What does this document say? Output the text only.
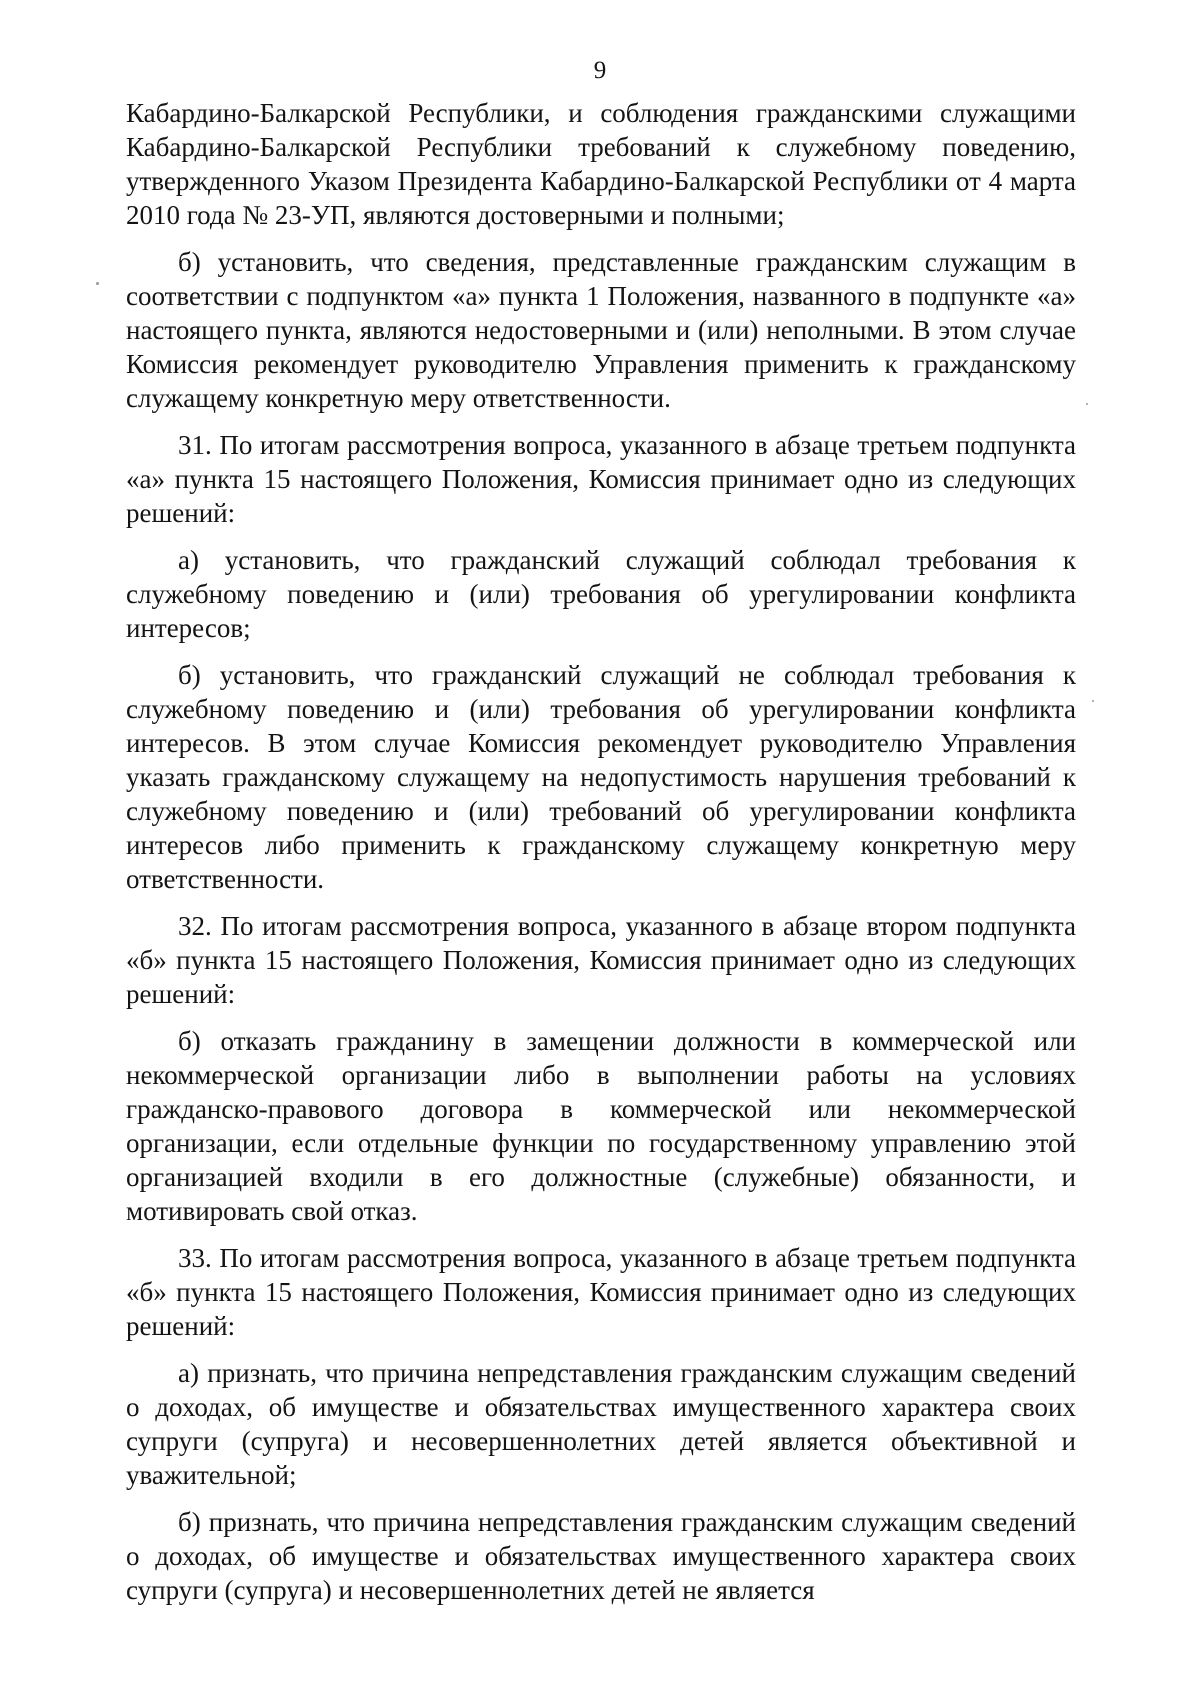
9

Кабардино-Балкарской Республики, и соблюдения гражданскими служащими Кабардино-Балкарской Республики требований к служебному поведению, утвержденного Указом Президента Кабардино-Балкарской Республики от 4 марта 2010 года № 23-УП, являются достоверными и полными;

б) установить, что сведения, представленные гражданским служащим в соответствии с подпунктом «а» пункта 1 Положения, названного в подпункте «а» настоящего пункта, являются недостоверными и (или) неполными. В этом случае Комиссия рекомендует руководителю Управления применить к гражданскому служащему конкретную меру ответственности.

31. По итогам рассмотрения вопроса, указанного в абзаце третьем подпункта «а» пункта 15 настоящего Положения, Комиссия принимает одно из следующих решений:

а) установить, что гражданский служащий соблюдал требования к служебному поведению и (или) требования об урегулировании конфликта интересов;

б) установить, что гражданский служащий не соблюдал требования к служебному поведению и (или) требования об урегулировании конфликта интересов. В этом случае Комиссия рекомендует руководителю Управления указать гражданскому служащему на недопустимость нарушения требований к служебному поведению и (или) требований об урегулировании конфликта интересов либо применить к гражданскому служащему конкретную меру ответственности.

32. По итогам рассмотрения вопроса, указанного в абзаце втором подпункта «б» пункта 15 настоящего Положения, Комиссия принимает одно из следующих решений:

б) отказать гражданину в замещении должности в коммерческой или некоммерческой организации либо в выполнении работы на условиях гражданско-правового договора в коммерческой или некоммерческой организации, если отдельные функции по государственному управлению этой организацией входили в его должностные (служебные) обязанности, и мотивировать свой отказ.

33. По итогам рассмотрения вопроса, указанного в абзаце третьем подпункта «б» пункта 15 настоящего Положения, Комиссия принимает одно из следующих решений:

а) признать, что причина непредставления гражданским служащим сведений о доходах, об имуществе и обязательствах имущественного характера своих супруги (супруга) и несовершеннолетних детей является объективной и уважительной;

б) признать, что причина непредставления гражданским служащим сведений о доходах, об имуществе и обязательствах имущественного характера своих супруги (супруга) и несовершеннолетних детей не является
